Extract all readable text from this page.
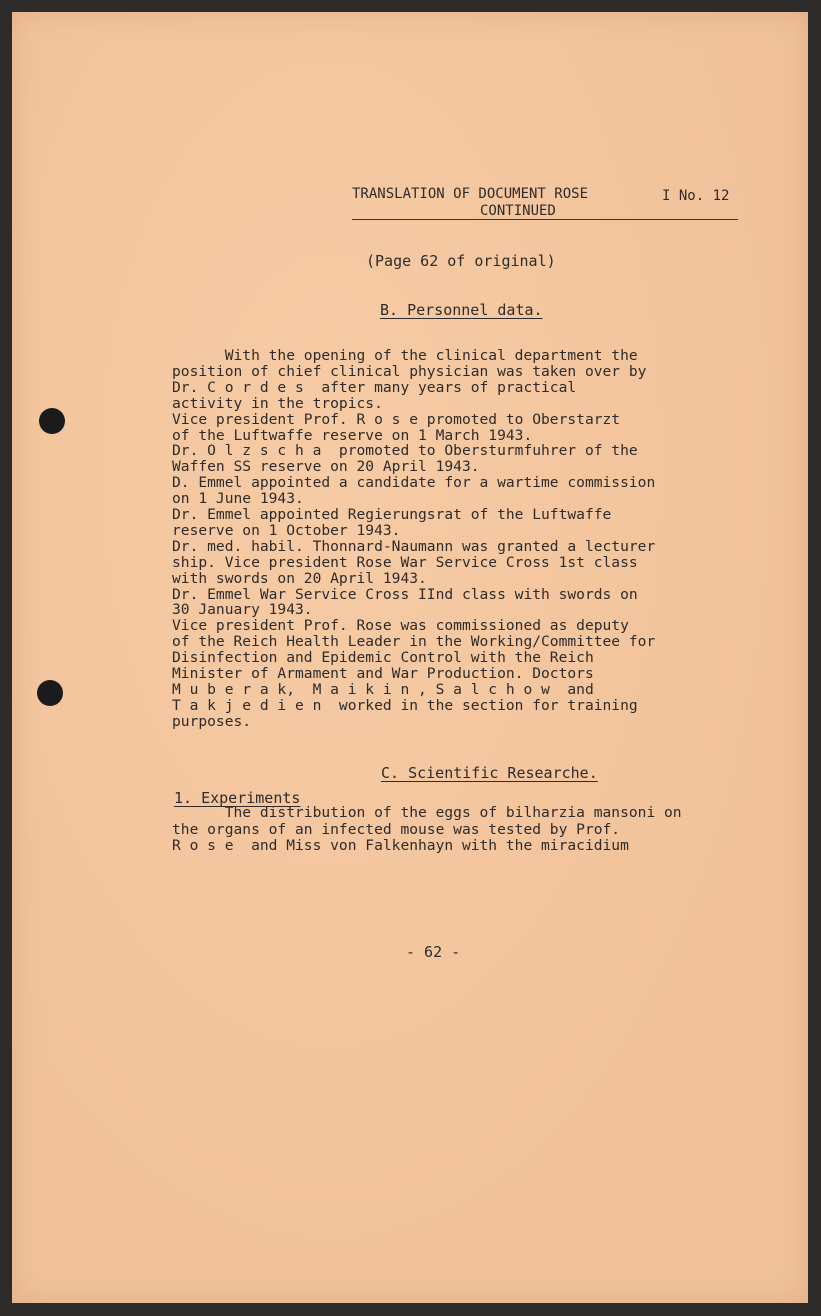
TRANSLATION OF DOCUMENT ROSE	I No. 12
CONTINUED
(Page 62 of original)
B. Personnel data.
With the opening of the clinical department the
position of chief clinical physician was taken over by
Dr. C o r d e s  after many years of practical
activity in the tropics.
Vice president Prof. R o s e promoted to Oberstarzt
of the Luftwaffe reserve on 1 March 1943.
Dr. O l z s c h a  promoted to Obersturmfuhrer of the
Waffen SS reserve on 20 April 1943.
D. Emmel appointed a candidate for a wartime commission
on 1 June 1943.
Dr. Emmel appointed Regierungsrat of the Luftwaffe
reserve on 1 October 1943.
Dr. med. habil. Thonnard-Naumann was granted a lecturer
ship. Vice president Rose War Service Cross 1st class
with swords on 20 April 1943.
Dr. Emmel War Service Cross IInd class with swords on
30 January 1943.
Vice president Prof. Rose was commissioned as deputy
of the Reich Health Leader in the Working/Committee for
Disinfection and Epidemic Control with the Reich
Minister of Armament and War Production. Doctors
M u b e r a k,  M a i k i n , S a l c h o w  and
T a k j e d i e n  worked in the section for training
purposes.
C. Scientific Researche.
1. Experiments
The distribution of the eggs of bilharzia mansoni on
the organs of an infected mouse was tested by Prof.
R o s e  and Miss von Falkenhayn with the miracidium
- 62 -
